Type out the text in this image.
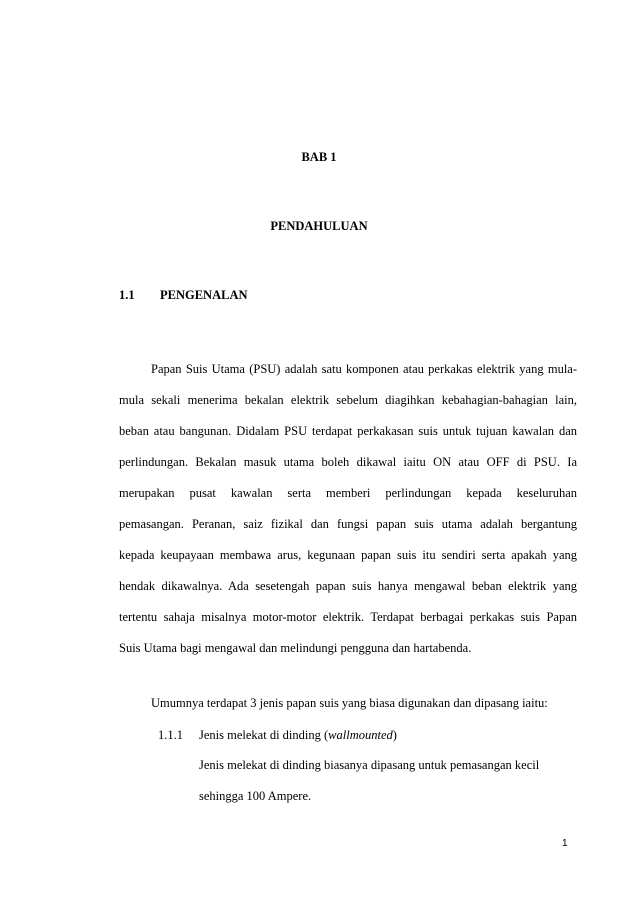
BAB 1
PENDAHULUAN
1.1 PENGENALAN
Papan Suis Utama (PSU) adalah satu komponen atau perkakas elektrik yang mula-
mula sekali menerima bekalan elektrik sebelum diagihkan kebahagian-bahagian lain,
beban atau bangunan. Didalam PSU terdapat perkakasan suis untuk tujuan kawalan dan
perlindungan. Bekalan masuk utama boleh dikawal iaitu ON atau OFF di PSU. Ia
merupakan pusat kawalan serta memberi perlindungan kepada keseluruhan
pemasangan. Peranan, saiz fizikal dan fungsi papan suis utama adalah bergantung
kepada keupayaan membawa arus, kegunaan papan suis itu sendiri serta apakah yang
hendak dikawalnya. Ada sesetengah papan suis hanya mengawal beban elektrik yang
tertentu sahaja misalnya motor-motor elektrik. Terdapat berbagai perkakas suis Papan
Suis Utama bagi mengawal dan melindungi pengguna dan hartabenda.
Umumnya terdapat 3 jenis papan suis yang biasa digunakan dan dipasang iaitu:
1.1.1	Jenis melekat di dinding (wallmounted)
Jenis melekat di dinding biasanya dipasang untuk pemasangan kecil
sehingga 100 Ampere.
1
